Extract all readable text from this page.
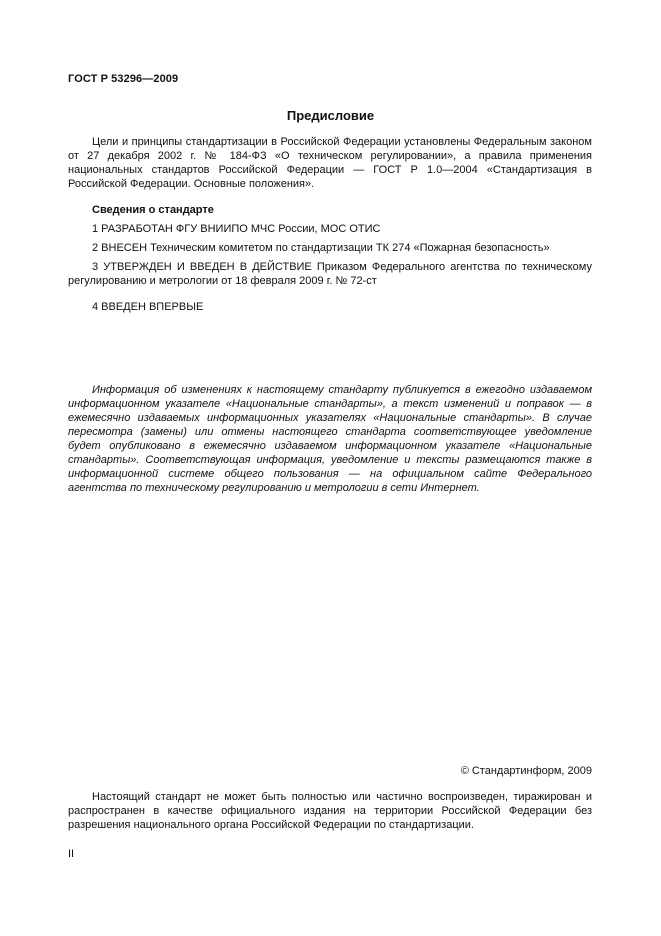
ГОСТ Р 53296—2009
Предисловие
Цели и принципы стандартизации в Российской Федерации установлены Федеральным законом от 27 декабря 2002 г. № 184-ФЗ «О техническом регулировании», а правила применения национальных стандартов Российской Федерации — ГОСТ Р 1.0—2004 «Стандартизация в Российской Федерации. Основные положения».
Сведения о стандарте
1 РАЗРАБОТАН ФГУ ВНИИПО МЧС России, МОС ОТИС
2 ВНЕСЕН Техническим комитетом по стандартизации ТК 274 «Пожарная безопасность»
3 УТВЕРЖДЕН И ВВЕДЕН В ДЕЙСТВИЕ Приказом Федерального агентства по техническому регулированию и метрологии от 18 февраля 2009 г. № 72-ст
4 ВВЕДЕН ВПЕРВЫЕ
Информация об изменениях к настоящему стандарту публикуется в ежегодно издаваемом информационном указателе «Национальные стандарты», а текст изменений и поправок — в ежемесячно издаваемых информационных указателях «Национальные стандарты». В случае пересмотра (замены) или отмены настоящего стандарта соответствующее уведомление будет опубликовано в ежемесячно издаваемом информационном указателе «Национальные стандарты». Соответствующая информация, уведомление и тексты размещаются также в информационной системе общего пользования — на официальном сайте Федерального агентства по техническому регулированию и метрологии в сети Интернет.
© Стандартинформ, 2009
Настоящий стандарт не может быть полностью или частично воспроизведен, тиражирован и распространен в качестве официального издания на территории Российской Федерации без разрешения национального органа Российской Федерации по стандартизации.
II
